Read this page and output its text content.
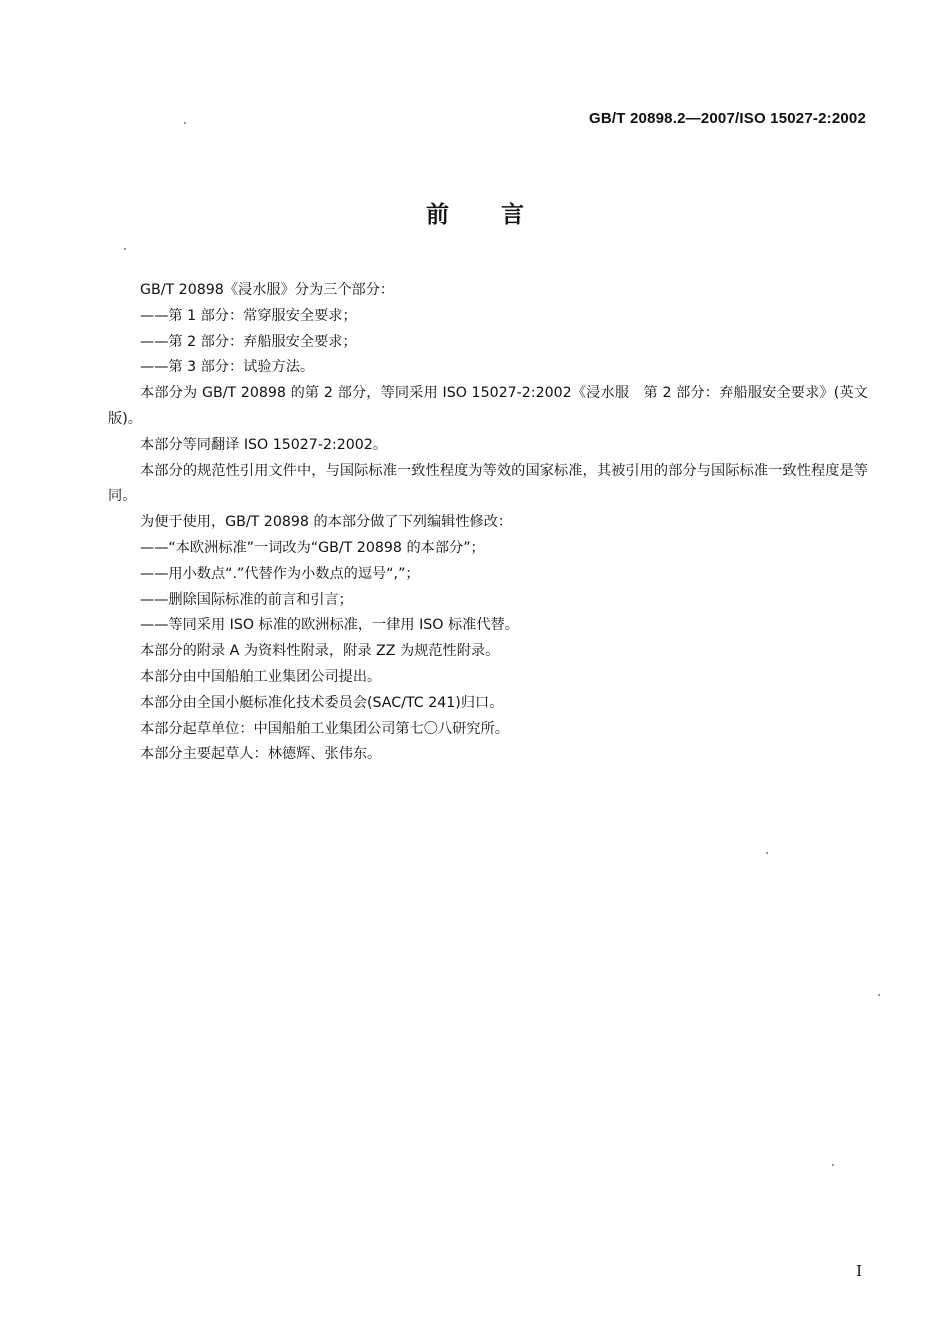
GB/T 20898.2—2007/ISO 15027-2:2002
前言

GB/T 20898《浸水服》分为三个部分：

——第 1 部分：常穿服安全要求；

——第 2 部分：弃船服安全要求；

——第 3 部分：试验方法。

本部分为 GB/T 20898 的第 2 部分，等同采用 ISO 15027-2:2002《浸水服　第 2 部分：弃船服安全要求》(英文版)。

本部分等同翻译 ISO 15027-2:2002。

本部分的规范性引用文件中，与国际标准一致性程度为等效的国家标准，其被引用的部分与国际标准一致性程度是等同。

为便于使用，GB/T 20898 的本部分做了下列编辑性修改：

——“本欧洲标准”一词改为“GB/T 20898 的本部分”；

——用小数点“.”代替作为小数点的逗号“,”；

——删除国际标准的前言和引言；

——等同采用 ISO 标准的欧洲标准，一律用 ISO 标准代替。

本部分的附录 A 为资料性附录，附录 ZZ 为规范性附录。

本部分由中国船舶工业集团公司提出。

本部分由全国小艇标准化技术委员会(SAC/TC 241)归口。

本部分起草单位：中国船舶工业集团公司第七〇八研究所。

本部分主要起草人：林德辉、张伟东。

I
